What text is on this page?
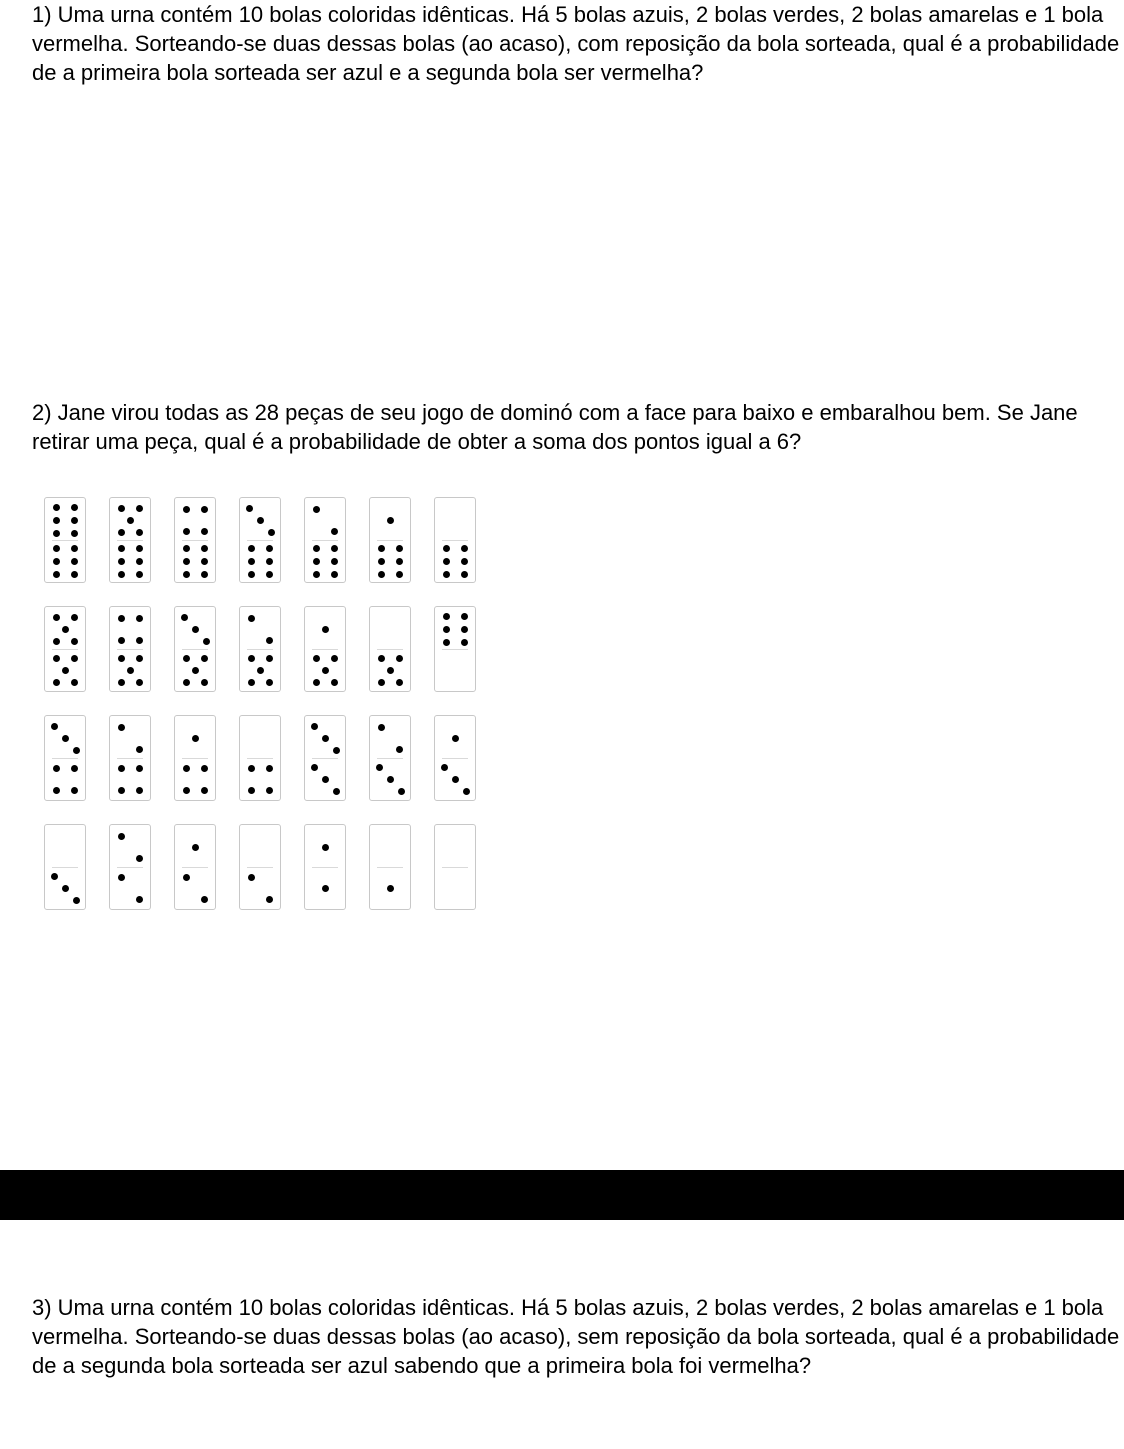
1) Uma urna contém 10 bolas coloridas idênticas. Há 5 bolas azuis, 2 bolas verdes, 2 bolas amarelas e 1 bola vermelha. Sorteando-se duas dessas bolas (ao acaso), com reposição da bola sorteada, qual é a probabilidade de a primeira bola sorteada ser azul e a segunda bola ser vermelha?

2) Jane virou todas as 28 peças de seu jogo de dominó com a face para baixo e embaralhou bem. Se Jane retirar uma peça, qual é a probabilidade de obter a soma dos pontos igual a 6?

3) Uma urna contém 10 bolas coloridas idênticas. Há 5 bolas azuis, 2 bolas verdes, 2 bolas amarelas e 1 bola vermelha. Sorteando-se duas dessas bolas (ao acaso), sem reposição da bola sorteada, qual é a probabilidade de a segunda bola sorteada ser azul sabendo que a primeira bola foi vermelha?
